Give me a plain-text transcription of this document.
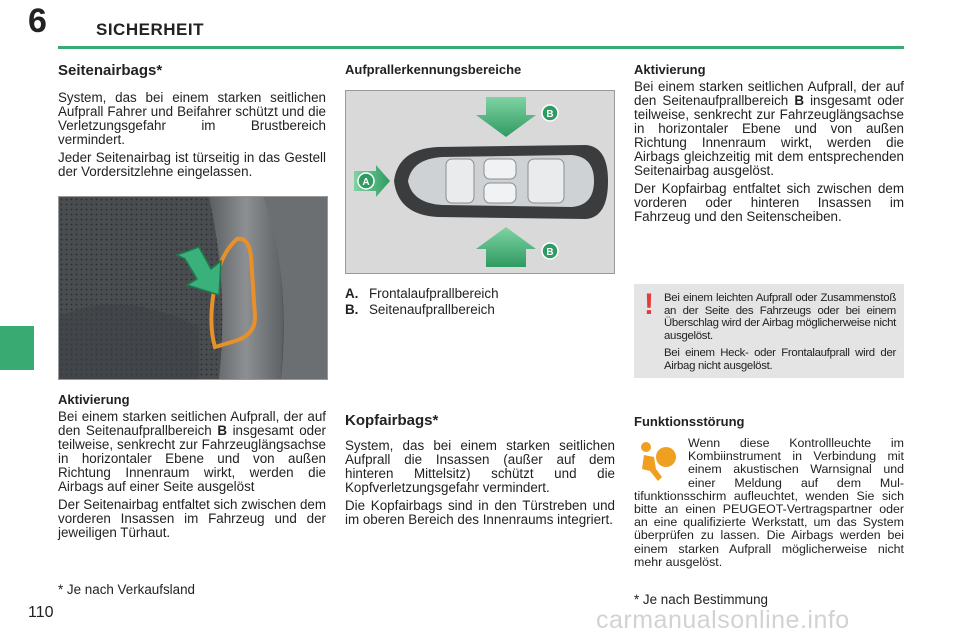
6	SICHERHEIT
Seitenairbags*

System, das bei einem starken seitlichen Aufprall Fahrer und Beifahrer schützt und die Verletzungsgefahr im Brustbereich vermindert.

Jeder Seitenairbag ist türseitig in das Gestell der Vordersitzlehne eingelassen.

Aktivierung

Bei einem starken seitlichen Aufprall, der auf den Seitenaufprallbereich B insgesamt oder teilweise, senkrecht zur Fahrzeuglängsachse in horizontaler Ebene und von außen Richtung Innenraum wirkt, werden die Airbags auf einer Seite ausgelöst

Der Seitenairbag entfaltet sich zwischen dem vorderen Insassen im Fahrzeug und der jeweiligen Türhaut.

* Je nach Verkaufsland
Aufprallerkennungsbereiche
A
B
B
A. Frontalaufprallbereich
B. Seitenaufprallbereich
Kopfairbags*

System, das bei einem starken seitlichen Aufprall die Insassen (außer auf dem hinteren Mittelsitz) schützt und die Kopfverletzungsgefahr vermindert.

Die Kopfairbags sind in den Türstreben und im oberen Bereich des Innenraums integriert.

Aktivierung

Bei einem starken seitlichen Aufprall, der auf den Seitenaufprallbereich B insgesamt oder teilweise, senkrecht zur Fahrzeuglängsachse in horizontaler Ebene und von außen Richtung Innenraum wirkt, werden die Airbags gleichzeitig mit dem entsprechenden Seitenairbag ausgelöst.

Der Kopfairbag entfaltet sich zwischen dem vorderen oder hinteren Insassen im Fahrzeug und den Seitenscheiben.

! Bei einem leichten Aufprall oder Zusammenstoß an der Seite des Fahrzeugs oder bei einem Überschlag wird der Airbag möglicherweise nicht ausgelöst.

Bei einem Heck- oder Frontalaufprall wird der Airbag nicht ausgelöst.

Funktionsstörung

Wenn diese Kontrollleuchte im Kombiinstrument in Verbindung mit einem akustischen Warnsignal und einer Meldung auf dem Multifunktionsschirm aufleuchtet, wenden Sie sich bitte an einen PEUGEOT-Vertragspartner oder an eine qualifizierte Werkstatt, um das System überprüfen zu lassen. Die Airbags werden bei einem starken Aufprall möglicherweise nicht mehr ausgelöst.

* Je nach Bestimmung
110	carmanualsonline.info
